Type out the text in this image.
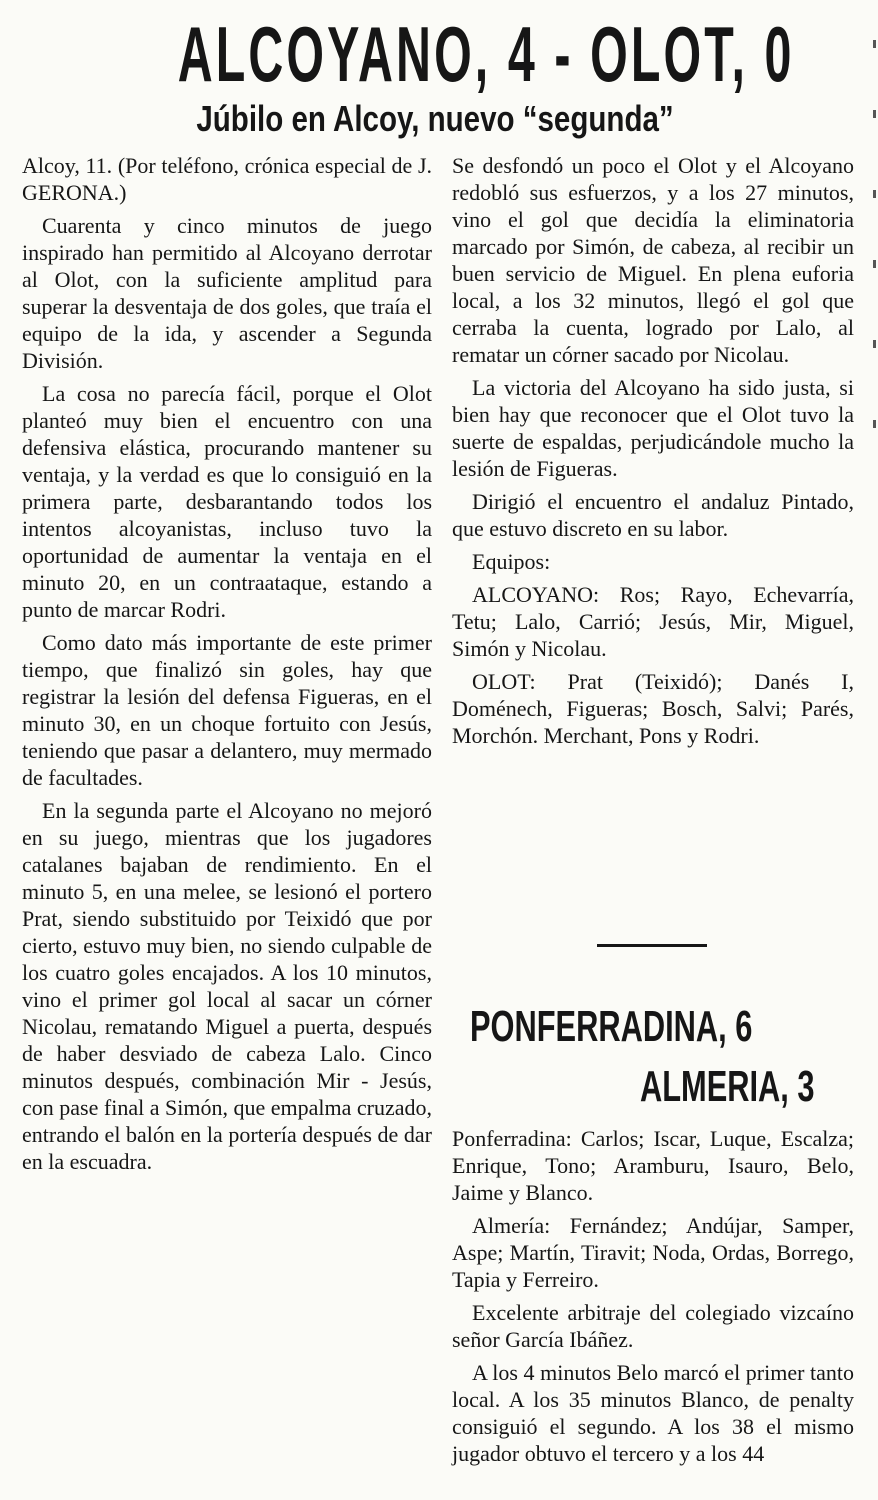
ALCOYANO, 4 - OLOT, 0
Júbilo en Alcoy, nuevo “segunda”

Alcoy, 11. (Por teléfono, crónica especial de J. GERONA.)

Cuarenta y cinco minutos de juego inspirado han permitido al Alcoyano derrotar al Olot, con la suficiente amplitud para superar la desventaja de dos goles, que traía el equipo de la ida, y ascender a Segunda División.

La cosa no parecía fácil, porque el Olot planteó muy bien el encuentro con una defensiva elástica, procurando mantener su ventaja, y la verdad es que lo consiguió en la primera parte, desbarantando todos los intentos alcoyanistas, incluso tuvo la oportunidad de aumentar la ventaja en el minuto 20, en un contraataque, estando a punto de marcar Rodri.

Como dato más importante de este primer tiempo, que finalizó sin goles, hay que registrar la lesión del defensa Figueras, en el minuto 30, en un choque fortuito con Jesús, teniendo que pasar a delantero, muy mermado de facultades.

En la segunda parte el Alcoyano no mejoró en su juego, mientras que los jugadores catalanes bajaban de rendimiento. En el minuto 5, en una melee, se lesionó el portero Prat, siendo substituido por Teixidó que por cierto, estuvo muy bien, no siendo culpable de los cuatro goles encajados. A los 10 minutos, vino el primer gol local al sacar un córner Nicolau, rematando Miguel a puerta, después de haber desviado de cabeza Lalo. Cinco minutos después, combinación Mir - Jesús, con pase final a Simón, que empalma cruzado, entrando el balón en la portería después de dar en la escuadra.

Se desfondó un poco el Olot y el Alcoyano redobló sus esfuerzos, y a los 27 minutos, vino el gol que decidía la eliminatoria marcado por Simón, de cabeza, al recibir un buen servicio de Miguel. En plena euforia local, a los 32 minutos, llegó el gol que cerraba la cuenta, logrado por Lalo, al rematar un córner sacado por Nicolau.

La victoria del Alcoyano ha sido justa, si bien hay que reconocer que el Olot tuvo la suerte de espaldas, perjudicándole mucho la lesión de Figueras.

Dirigió el encuentro el andaluz Pintado, que estuvo discreto en su labor.

Equipos:

ALCOYANO: Ros; Rayo, Echevarría, Tetu; Lalo, Carrió; Jesús, Mir, Miguel, Simón y Nicolau.

OLOT: Prat (Teixidó); Danés I, Doménech, Figueras; Bosch, Salvi; Parés, Morchón. Merchant, Pons y Rodri.

PONFERRADINA, 6
ALMERIA, 3

Ponferradina: Carlos; Iscar, Luque, Escalza; Enrique, Tono; Aramburu, Isauro, Belo, Jaime y Blanco.

Almería: Fernández; Andújar, Samper, Aspe; Martín, Tiravit; Noda, Ordas, Borrego, Tapia y Ferreiro.

Excelente arbitraje del colegiado vizcaíno señor García Ibáñez.

A los 4 minutos Belo marcó el primer tanto local. A los 35 minutos Blanco, de penalty consiguió el segundo. A los 38 el mismo jugador obtuvo el tercero y a los 44
